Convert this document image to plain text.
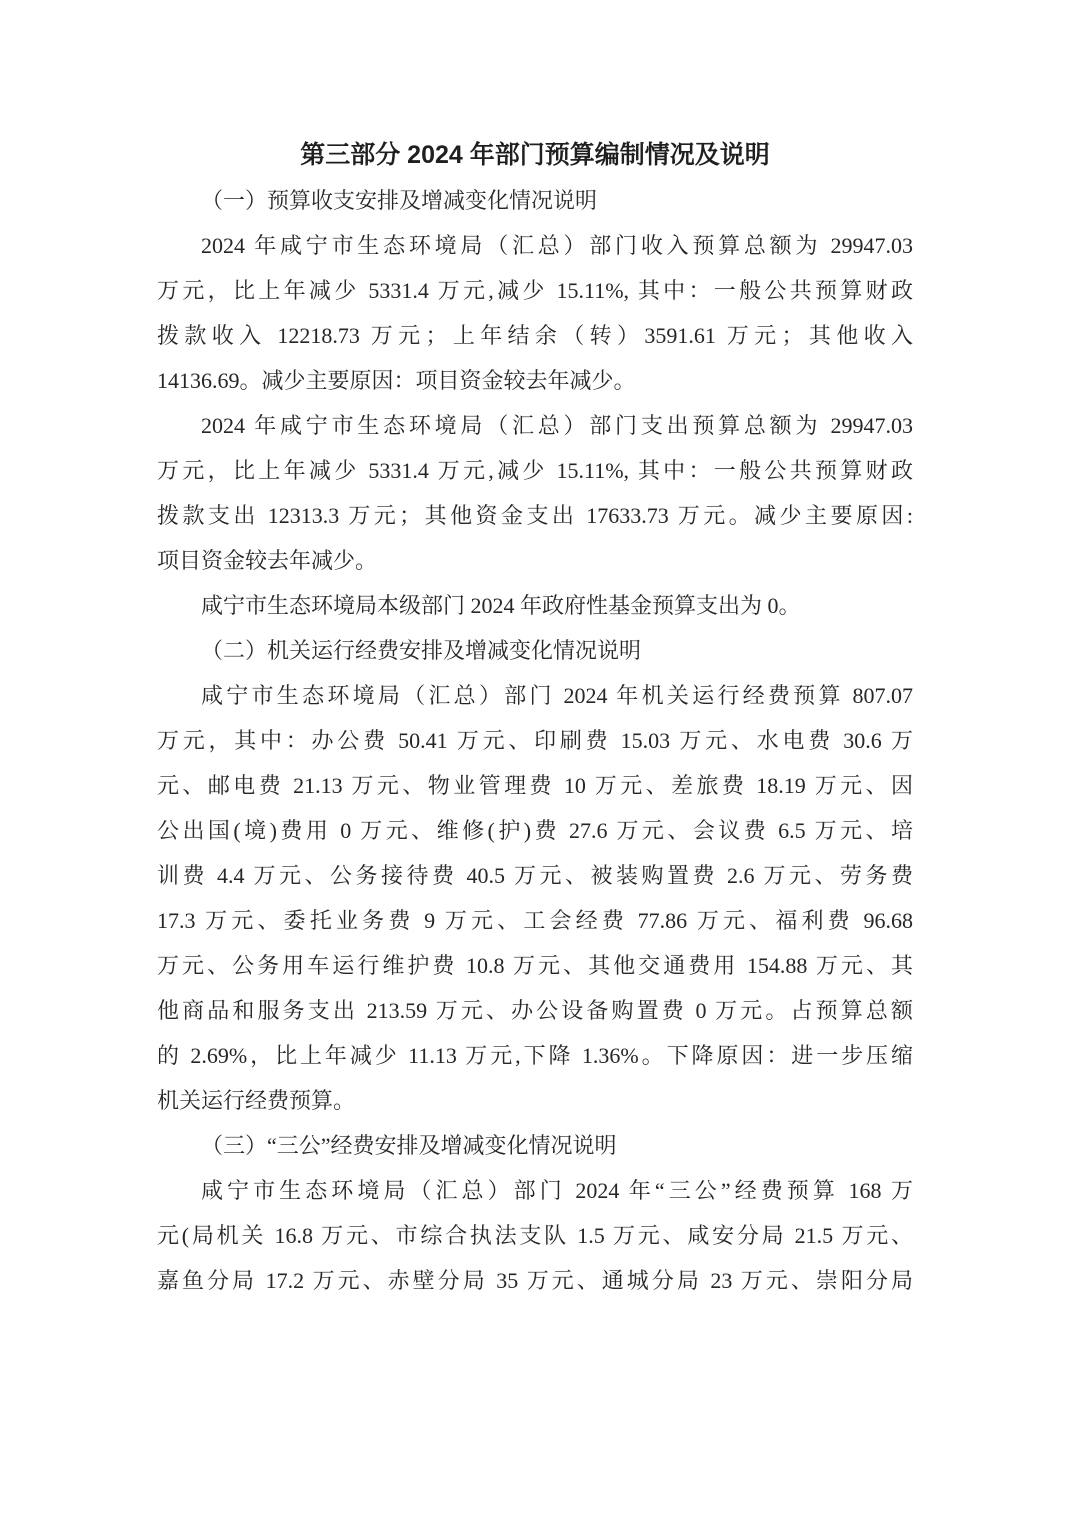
第三部分 2024 年部门预算编制情况及说明
（一）预算收支安排及增减变化情况说明
2024 年咸宁市生态环境局（汇总）部门收入预算总额为 29947.03
万元，比上年减少 5331.4 万元,减少 15.11%, 其中：一般公共预算财政
拨款收入 12218.73 万元；上年结余（转）3591.61 万元；其他收入
14136.69。减少主要原因：项目资金较去年减少。
2024 年咸宁市生态环境局（汇总）部门支出预算总额为 29947.03
万元，比上年减少 5331.4 万元,减少 15.11%, 其中：一般公共预算财政
拨款支出 12313.3 万元；其他资金支出 17633.73 万元。减少主要原因:
项目资金较去年减少。
咸宁市生态环境局本级部门 2024 年政府性基金预算支出为 0。
（二）机关运行经费安排及增减变化情况说明
咸宁市生态环境局（汇总）部门 2024 年机关运行经费预算 807.07
万元，其中：办公费 50.41 万元、印刷费 15.03 万元、水电费 30.6 万
元、邮电费 21.13 万元、物业管理费 10 万元、差旅费 18.19 万元、因
公出国(境)费用 0 万元、维修(护)费 27.6 万元、会议费 6.5 万元、培
训费 4.4 万元、公务接待费 40.5 万元、被装购置费 2.6 万元、劳务费
17.3 万元、委托业务费 9 万元、工会经费 77.86 万元、福利费 96.68
万元、公务用车运行维护费 10.8 万元、其他交通费用 154.88 万元、其
他商品和服务支出 213.59 万元、办公设备购置费 0 万元。占预算总额
的 2.69%，比上年减少 11.13 万元,下降 1.36%。下降原因：进一步压缩
机关运行经费预算。
（三）“三公”经费安排及增减变化情况说明
咸宁市生态环境局（汇总）部门 2024 年“三公”经费预算 168 万
元(局机关 16.8 万元、市综合执法支队 1.5 万元、咸安分局 21.5 万元、
嘉鱼分局 17.2 万元、赤壁分局 35 万元、通城分局 23 万元、崇阳分局
